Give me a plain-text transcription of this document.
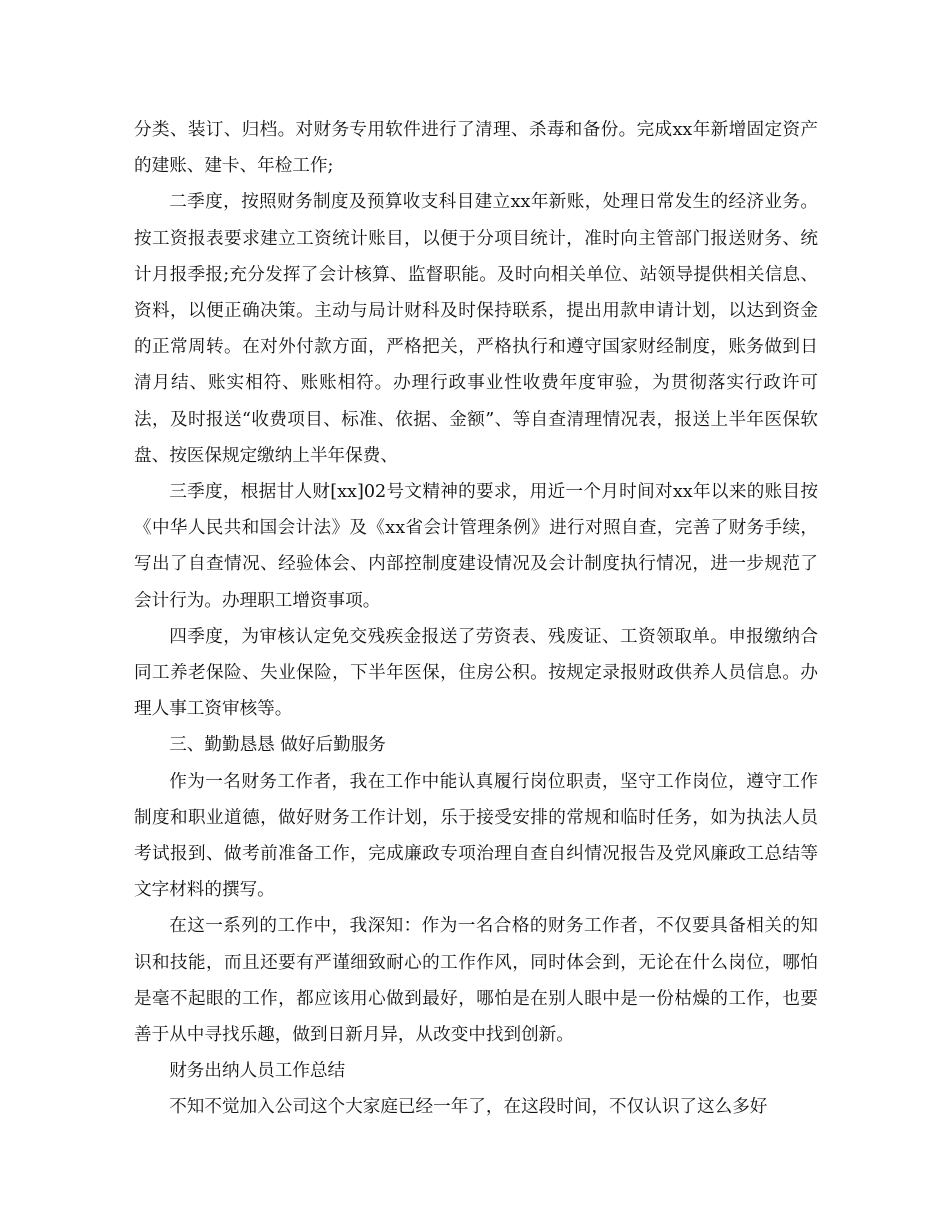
分类、装订、归档。对财务专用软件进行了清理、杀毒和备份。完成xx年新增固定资产的建账、建卡、年检工作;

二季度，按照财务制度及预算收支科目建立xx年新账，处理日常发生的经济业务。按工资报表要求建立工资统计账目，以便于分项目统计，准时向主管部门报送财务、统计月报季报;充分发挥了会计核算、监督职能。及时向相关单位、站领导提供相关信息、资料，以便正确决策。主动与局计财科及时保持联系，提出用款申请计划，以达到资金的正常周转。在对外付款方面，严格把关，严格执行和遵守国家财经制度，账务做到日清月结、账实相符、账账相符。办理行政事业性收费年度审验，为贯彻落实行政许可法，及时报送“收费项目、标准、依据、金额”、等自查清理情况表，报送上半年医保软盘、按医保规定缴纳上半年保费、

三季度，根据甘人财[xx]02号文精神的要求，用近一个月时间对xx年以来的账目按《中华人民共和国会计法》及《xx省会计管理条例》进行对照自查，完善了财务手续，写出了自查情况、经验体会、内部控制度建设情况及会计制度执行情况，进一步规范了会计行为。办理职工增资事项。

四季度，为审核认定免交残疾金报送了劳资表、残废证、工资领取单。申报缴纳合同工养老保险、失业保险，下半年医保，住房公积。按规定录报财政供养人员信息。办理人事工资审核等。

三、勤勤恳恳 做好后勤服务

作为一名财务工作者，我在工作中能认真履行岗位职责，坚守工作岗位，遵守工作制度和职业道德，做好财务工作计划，乐于接受安排的常规和临时任务，如为执法人员考试报到、做考前准备工作，完成廉政专项治理自查自纠情况报告及党风廉政工总结等文字材料的撰写。

在这一系列的工作中，我深知：作为一名合格的财务工作者，不仅要具备相关的知识和技能，而且还要有严谨细致耐心的工作作风，同时体会到，无论在什么岗位，哪怕是毫不起眼的工作，都应该用心做到最好，哪怕是在别人眼中是一份枯燥的工作，也要善于从中寻找乐趣，做到日新月异，从改变中找到创新。

财务出纳人员工作总结

不知不觉加入公司这个大家庭已经一年了，在这段时间，不仅认识了这么多好
